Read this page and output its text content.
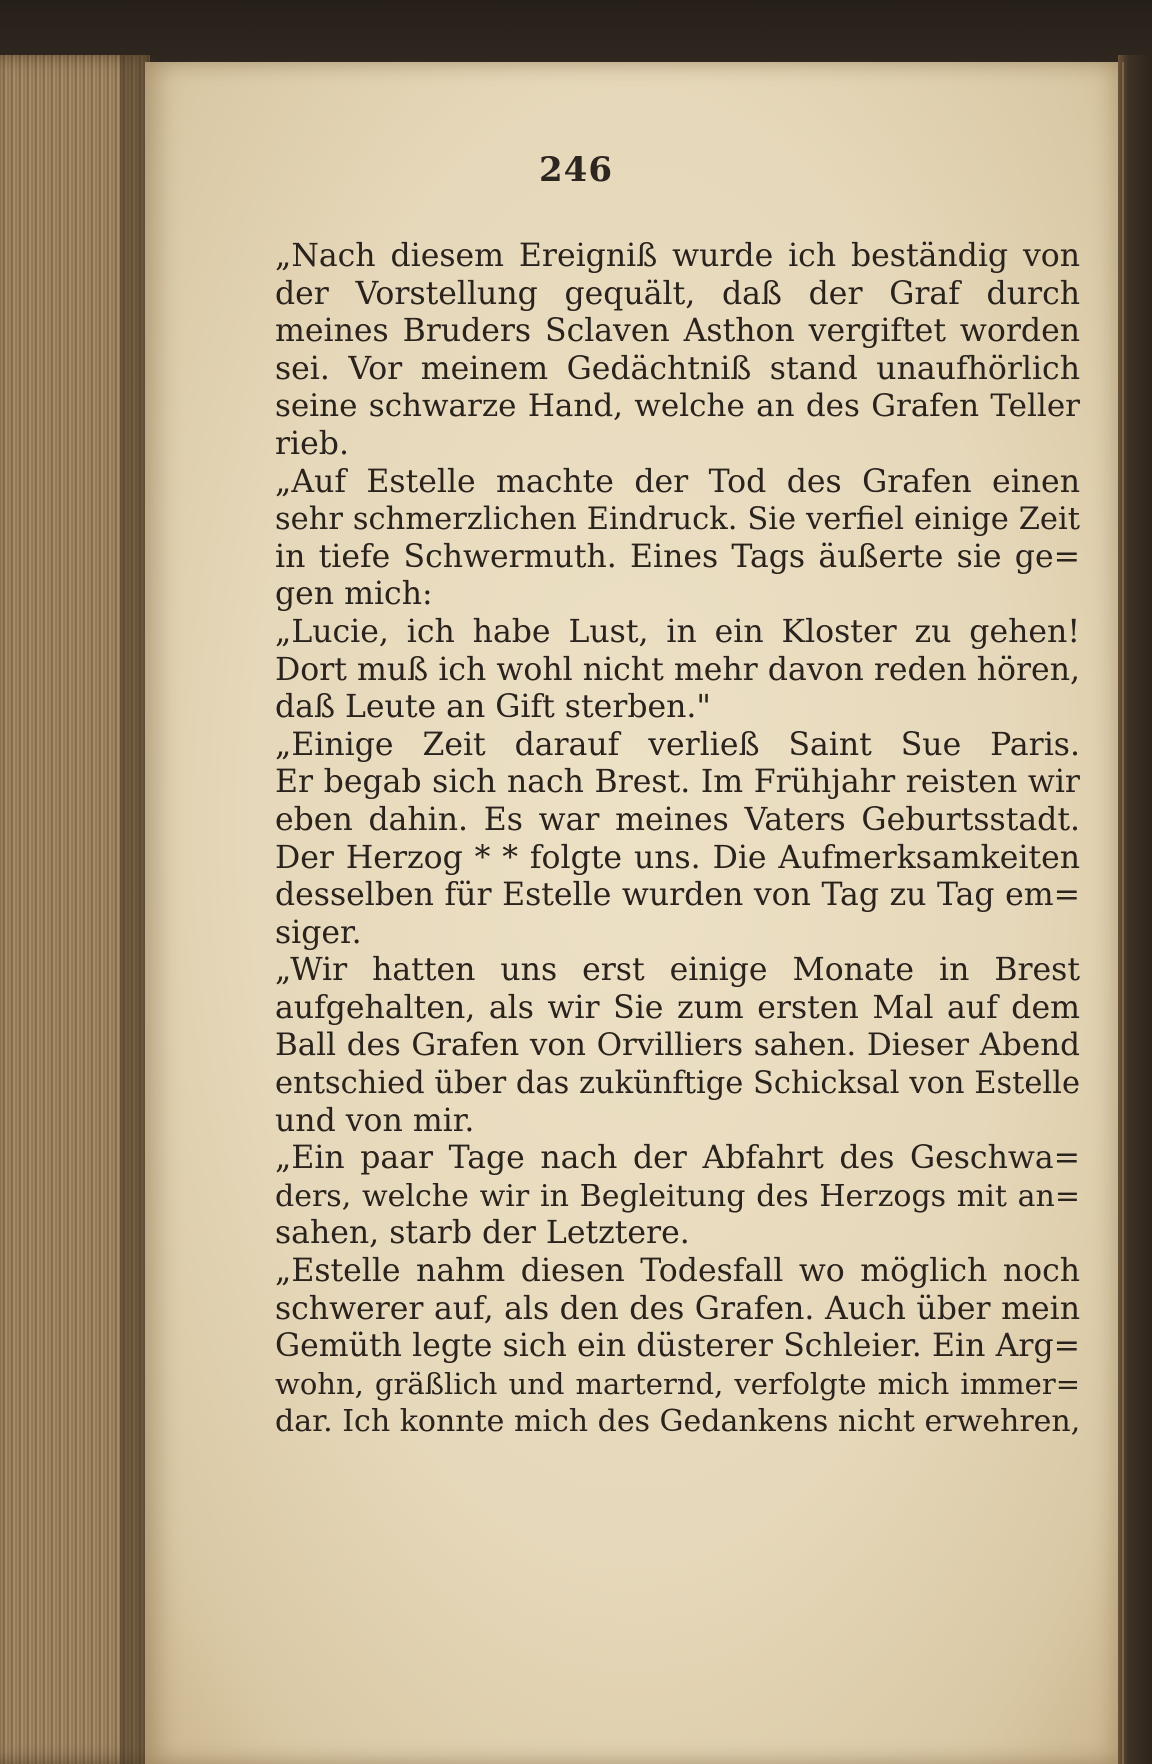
246
„Nach diesem Ereigniß wurde ich beständig von
der Vorstellung gequält, daß der Graf durch
meines Bruders Sclaven Asthon vergiftet worden
sei. Vor meinem Gedächtniß stand unaufhörlich
seine schwarze Hand, welche an des Grafen Teller
rieb.
„Auf Estelle machte der Tod des Grafen einen
sehr schmerzlichen Eindruck. Sie verfiel einige Zeit
in tiefe Schwermuth. Eines Tags äußerte sie ge=
gen mich:
„Lucie, ich habe Lust, in ein Kloster zu gehen!
Dort muß ich wohl nicht mehr davon reden hören,
daß Leute an Gift sterben."
„Einige Zeit darauf verließ Saint Sue Paris.
Er begab sich nach Brest. Im Frühjahr reisten wir
eben dahin. Es war meines Vaters Geburtsstadt.
Der Herzog * * folgte uns. Die Aufmerksamkeiten
desselben für Estelle wurden von Tag zu Tag em=
siger.
„Wir hatten uns erst einige Monate in Brest
aufgehalten, als wir Sie zum ersten Mal auf dem
Ball des Grafen von Orvilliers sahen. Dieser Abend
entschied über das zukünftige Schicksal von Estelle
und von mir.
„Ein paar Tage nach der Abfahrt des Geschwa=
ders, welche wir in Begleitung des Herzogs mit an=
sahen, starb der Letztere.
„Estelle nahm diesen Todesfall wo möglich noch
schwerer auf, als den des Grafen. Auch über mein
Gemüth legte sich ein düsterer Schleier. Ein Arg=
wohn, gräßlich und marternd, verfolgte mich immer=
dar. Ich konnte mich des Gedankens nicht erwehren,
